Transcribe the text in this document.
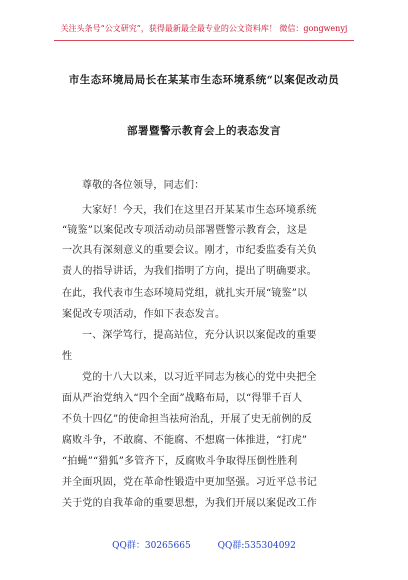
关注头条号“公文研究”，获得最新最全最专业的公文资料库！ 微信：gongwenyj
市生态环境局局长在某某市生态环境系统“以案促改动员
部署暨警示教育会上的表态发言
尊敬的各位领导，同志们：
大家好！今天，我们在这里召开某某市生态环境系统
“镜鉴”以案促改专项活动动员部署暨警示教育会，这是
一次具有深刻意义的重要会议。刚才，市纪委监委有关负
责人的指导讲话，为我们指明了方向，提出了明确要求。
在此，我代表市生态环境局党组，就扎实开展“镜鉴”以
案促改专项活动，作如下表态发言。
一、深学笃行，提高站位，充分认识以案促改的重要
性
党的十八大以来，以习近平同志为核心的党中央把全
面从严治党纳入“四个全面”战略布局，以“得罪千百人
不负十四亿”的使命担当祛疴治乱，开展了史无前例的反
腐败斗争，不敢腐、不能腐、不想腐一体推进，“打虎”
“拍蝇”“猎狐”多管齐下，反腐败斗争取得压倒性胜利
并全面巩固，党在革命性锻造中更加坚强。习近平总书记
关于党的自我革命的重要思想，为我们开展以案促改工作
QQ群：30265665	QQ群:535304092
